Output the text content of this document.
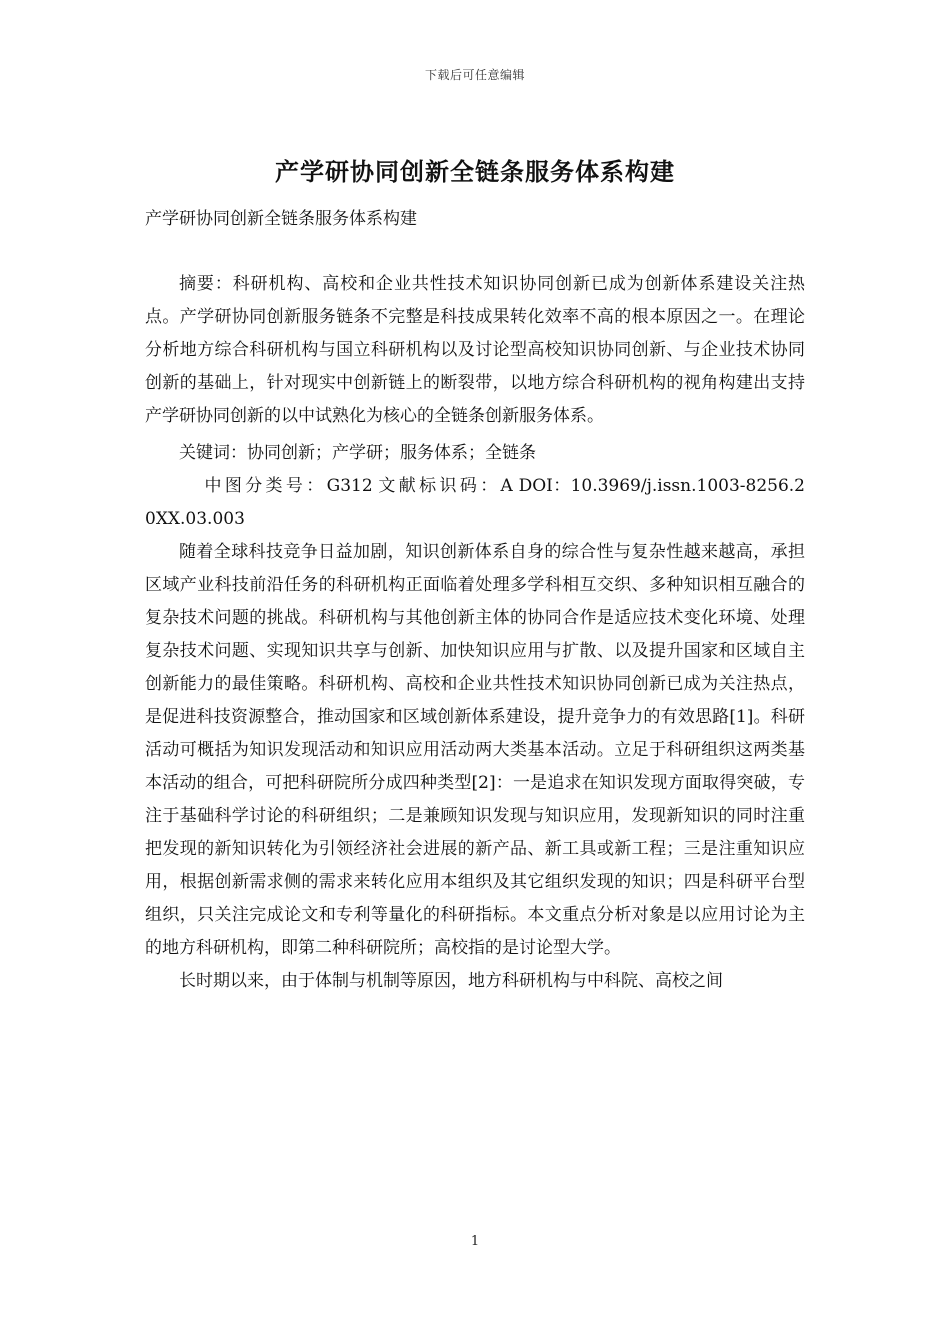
下载后可任意编辑
产学研协同创新全链条服务体系构建
产学研协同创新全链条服务体系构建

摘要：科研机构、高校和企业共性技术知识协同创新已成为创新体系建设关注热点。产学研协同创新服务链条不完整是科技成果转化效率不高的根本原因之一。在理论分析地方综合科研机构与国立科研机构以及讨论型高校知识协同创新、与企业技术协同创新的基础上，针对现实中创新链上的断裂带，以地方综合科研机构的视角构建出支持产学研协同创新的以中试熟化为核心的全链条创新服务体系。

关键词：协同创新；产学研；服务体系；全链条

中图分类号：G312 文献标识码：A DOI：10.3969/j.issn.1003-8256.20XX.03.003

随着全球科技竞争日益加剧，知识创新体系自身的综合性与复杂性越来越高，承担区域产业科技前沿任务的科研机构正面临着处理多学科相互交织、多种知识相互融合的复杂技术问题的挑战。科研机构与其他创新主体的协同合作是适应技术变化环境、处理复杂技术问题、实现知识共享与创新、加快知识应用与扩散、以及提升国家和区域自主创新能力的最佳策略。科研机构、高校和企业共性技术知识协同创新已成为关注热点，是促进科技资源整合，推动国家和区域创新体系建设，提升竞争力的有效思路[1]。科研活动可概括为知识发现活动和知识应用活动两大类基本活动。立足于科研组织这两类基本活动的组合，可把科研院所分成四种类型[2]：一是追求在知识发现方面取得突破，专注于基础科学讨论的科研组织；二是兼顾知识发现与知识应用，发现新知识的同时注重把发现的新知识转化为引领经济社会进展的新产品、新工具或新工程；三是注重知识应用，根据创新需求侧的需求来转化应用本组织及其它组织发现的知识；四是科研平台型组织，只关注完成论文和专利等量化的科研指标。本文重点分析对象是以应用讨论为主的地方科研机构，即第二种科研院所；高校指的是讨论型大学。

长时期以来，由于体制与机制等原因，地方科研机构与中科院、高校之间

1
